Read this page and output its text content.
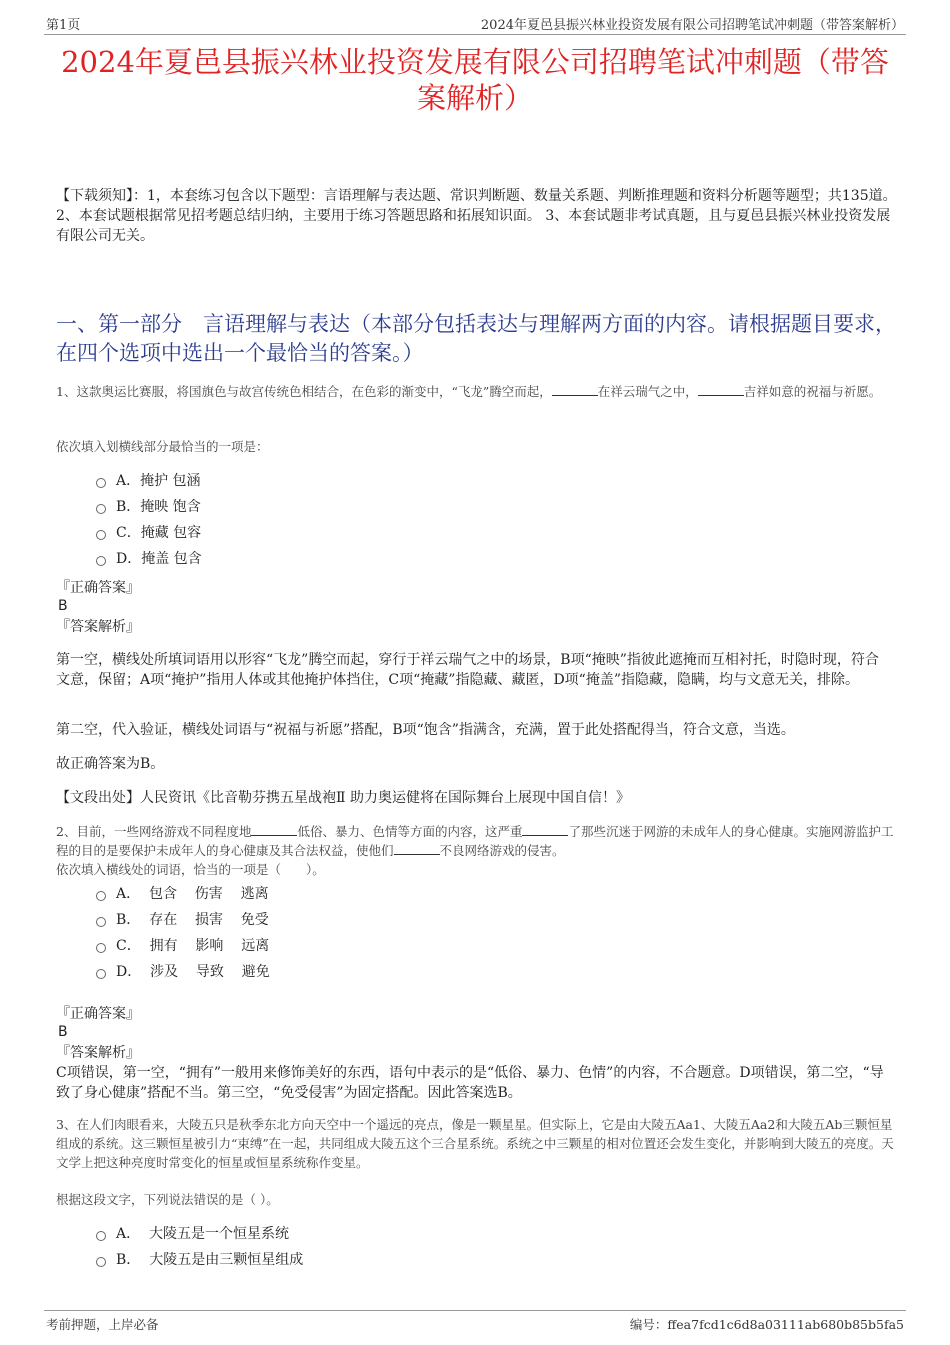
第1页	2024年夏邑县振兴林业投资发展有限公司招聘笔试冲刺题（带答案解析）
2024年夏邑县振兴林业投资发展有限公司招聘笔试冲刺题（带答案解析）
【下载须知】：1，本套练习包含以下题型：言语理解与表达题、常识判断题、数量关系题、判断推理题和资料分析题等题型；共135道。 2、本套试题根据常见招考题总结归纳，主要用于练习答题思路和拓展知识面。 3、本套试题非考试真题，且与夏邑县振兴林业投资发展有限公司无关。
一、第一部分　言语理解与表达（本部分包括表达与理解两方面的内容。请根据题目要求，在四个选项中选出一个最恰当的答案。）
1、这款奥运比赛服，将国旗色与故宫传统色相结合，在色彩的渐变中，“飞龙”腾空而起，	在祥云瑞气之中，	吉祥如意的祝福与祈愿。
依次填入划横线部分最恰当的一项是：
A．掩护 包涵
B．掩映 饱含
C．掩藏 包容
D．掩盖 包含
『正确答案』
B
『答案解析』
第一空，横线处所填词语用以形容“飞龙”腾空而起，穿行于祥云瑞气之中的场景，B项“掩映”指彼此遮掩而互相衬托，时隐时现，符合文意，保留；A项“掩护”指用人体或其他掩护体挡住，C项“掩藏”指隐藏、藏匿，D项“掩盖”指隐藏，隐瞒，均与文意无关，排除。
第二空，代入验证，横线处词语与“祝福与祈愿”搭配，B项“饱含”指满含，充满，置于此处搭配得当，符合文意，当选。
故正确答案为B。
【文段出处】人民资讯《比音勒芬携五星战袍Ⅱ 助力奥运健将在国际舞台上展现中国自信！》
2、目前，一些网络游戏不同程度地	低俗、暴力、色情等方面的内容，这严重	了那些沉迷于网游的未成年人的身心健康。实施网游监护工程的目的是要保护未成年人的身心健康及其合法权益，使他们	不良网络游戏的侵害。
依次填入横线处的词语，恰当的一项是（　　）。
A．  包含    伤害    逃离
B．  存在    损害    免受
C．  拥有    影响    远离
D．  涉及    导致    避免
『正确答案』
B
『答案解析』
C项错误，第一空，“拥有”一般用来修饰美好的东西，语句中表示的是“低俗、暴力、色情”的内容，不合题意。D项错误，第二空，“导致了身心健康”搭配不当。第三空，“免受侵害”为固定搭配。因此答案选B。
3、在人们肉眼看来，大陵五只是秋季东北方向天空中一个遥远的亮点，像是一颗星星。但实际上，它是由大陵五Aa1、大陵五Aa2和大陵五Ab三颗恒星组成的系统。这三颗恒星被引力“束缚”在一起，共同组成大陵五这个三合星系统。系统之中三颗星的相对位置还会发生变化，并影响到大陵五的亮度。天文学上把这种亮度时常变化的恒星或恒星系统称作变星。
根据这段文字，下列说法错误的是（ ）。
A．  大陵五是一个恒星系统
B．  大陵五是由三颗恒星组成
考前押题，上岸必备	编号：ffea7fcd1c6d8a03111ab680b85b5fa5
